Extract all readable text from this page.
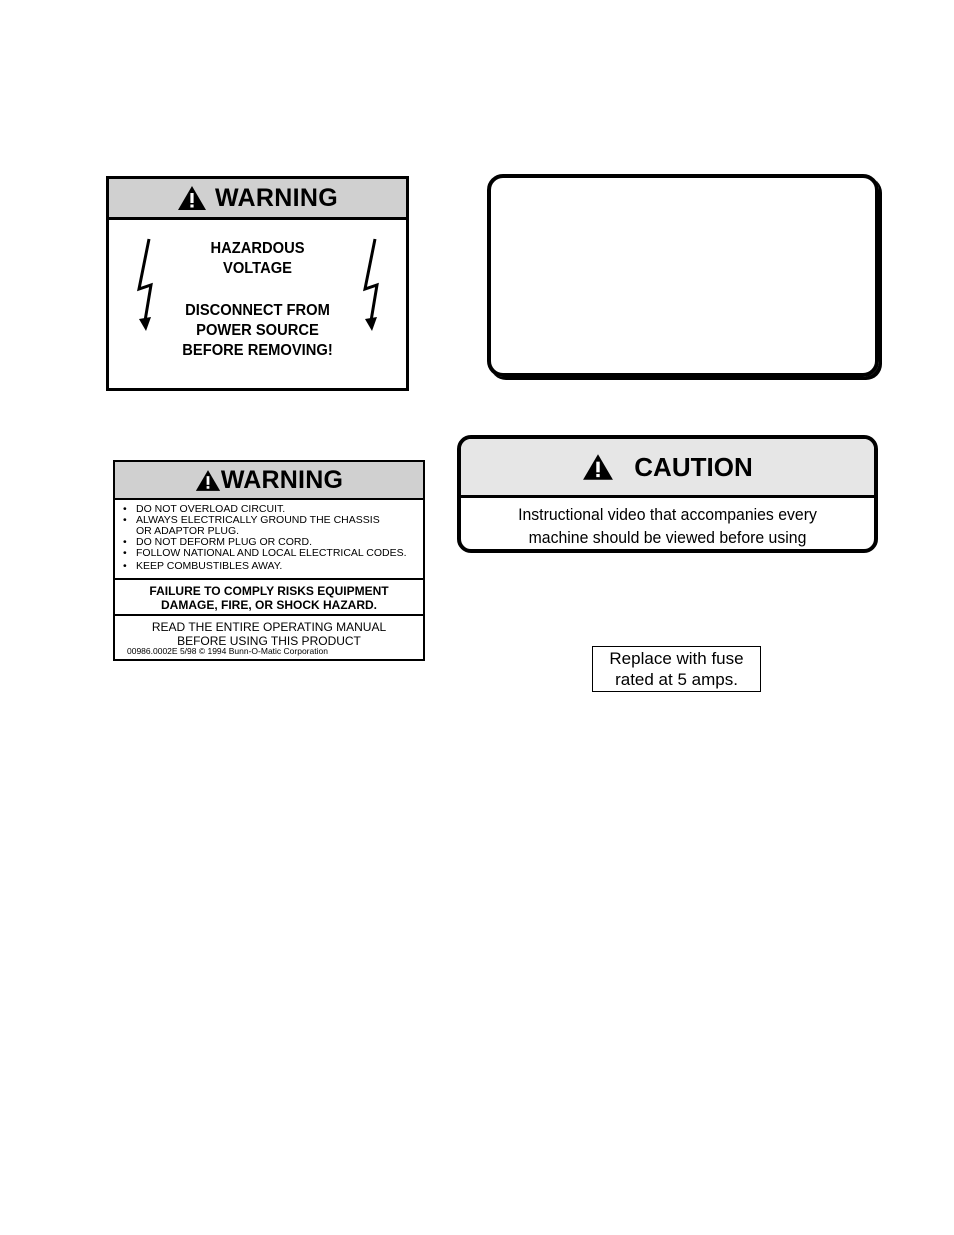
WARNING
HAZARDOUS
VOLTAGE
DISCONNECT FROM
POWER SOURCE
BEFORE REMOVING!
WARNING
• DO NOT OVERLOAD CIRCUIT.
• ALWAYS ELECTRICALLY GROUND THE CHASSIS
OR ADAPTOR PLUG.
• DO NOT DEFORM PLUG OR CORD.
• FOLLOW NATIONAL AND LOCAL ELECTRICAL CODES.
• KEEP COMBUSTIBLES AWAY.
FAILURE TO COMPLY RISKS EQUIPMENT
DAMAGE, FIRE, OR SHOCK HAZARD.
READ THE ENTIRE OPERATING MANUAL
BEFORE USING THIS PRODUCT
00986.0002E 5/98 © 1994 Bunn-O-Matic Corporation
CAUTION
Instructional video that accompanies every
machine should be viewed before using
Replace with fuse
rated at 5 amps.
